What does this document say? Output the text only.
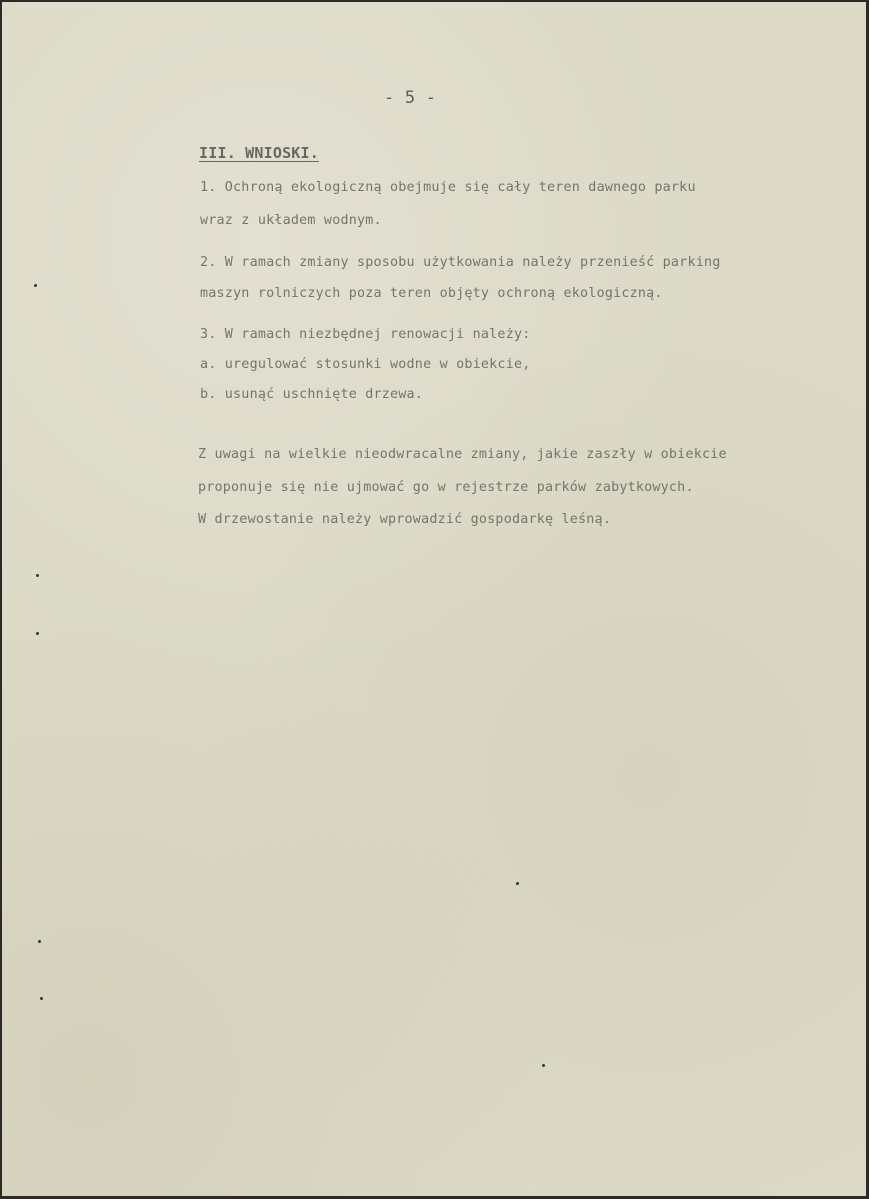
- 5 -
III. WNIOSKI.
1. Ochroną ekologiczną obejmuje się cały teren dawnego parku
wraz z układem wodnym.
2. W ramach zmiany sposobu użytkowania należy przenieść parking
maszyn rolniczych poza teren objęty ochroną ekologiczną.
3. W ramach niezbędnej renowacji należy:
a. uregulować stosunki wodne w obiekcie,
b. usunąć uschnięte drzewa.
Z uwagi na wielkie nieodwracalne zmiany, jakie zaszły w obiekcie
proponuje się nie ujmować go w rejestrze parków zabytkowych.
W drzewostanie należy wprowadzić gospodarkę leśną.
